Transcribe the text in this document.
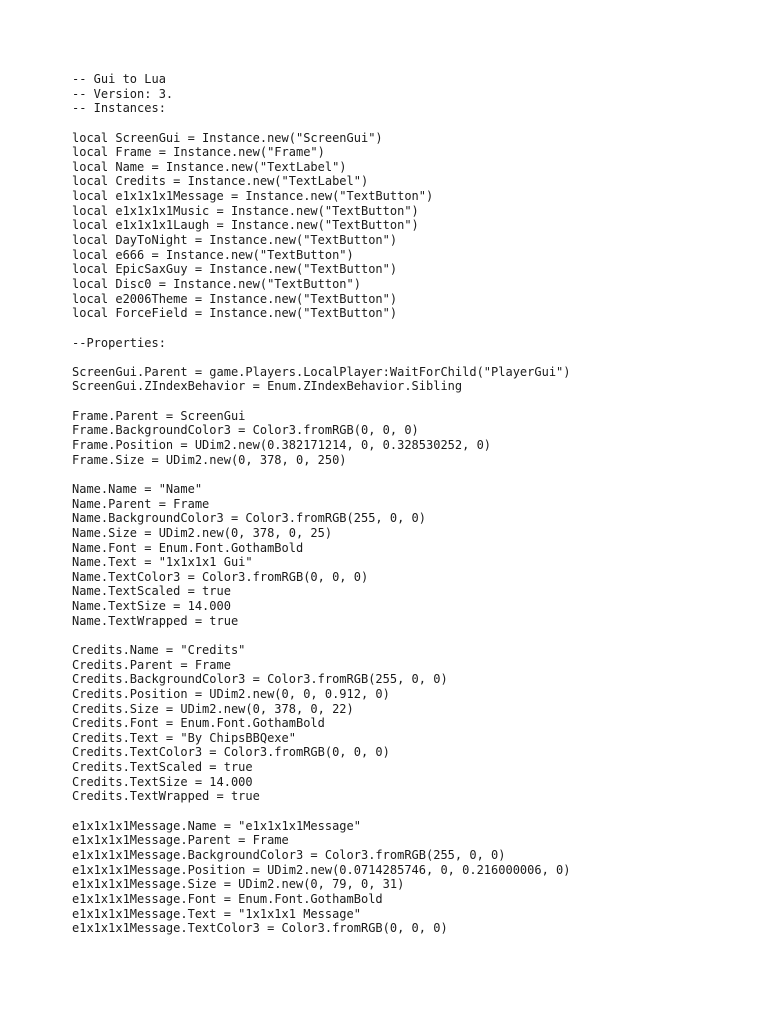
-- Gui to Lua
-- Version: 3.
-- Instances:
local ScreenGui = Instance.new("ScreenGui")
local Frame = Instance.new("Frame")
local Name = Instance.new("TextLabel")
local Credits = Instance.new("TextLabel")
local e1x1x1x1Message = Instance.new("TextButton")
local e1x1x1x1Music = Instance.new("TextButton")
local e1x1x1x1Laugh = Instance.new("TextButton")
local DayToNight = Instance.new("TextButton")
local e666 = Instance.new("TextButton")
local EpicSaxGuy = Instance.new("TextButton")
local Disc0 = Instance.new("TextButton")
local e2006Theme = Instance.new("TextButton")
local ForceField = Instance.new("TextButton")
--Properties:
ScreenGui.Parent = game.Players.LocalPlayer:WaitForChild("PlayerGui")
ScreenGui.ZIndexBehavior = Enum.ZIndexBehavior.Sibling
Frame.Parent = ScreenGui
Frame.BackgroundColor3 = Color3.fromRGB(0, 0, 0)
Frame.Position = UDim2.new(0.382171214, 0, 0.328530252, 0)
Frame.Size = UDim2.new(0, 378, 0, 250)
Name.Name = "Name"
Name.Parent = Frame
Name.BackgroundColor3 = Color3.fromRGB(255, 0, 0)
Name.Size = UDim2.new(0, 378, 0, 25)
Name.Font = Enum.Font.GothamBold
Name.Text = "1x1x1x1 Gui"
Name.TextColor3 = Color3.fromRGB(0, 0, 0)
Name.TextScaled = true
Name.TextSize = 14.000
Name.TextWrapped = true
Credits.Name = "Credits"
Credits.Parent = Frame
Credits.BackgroundColor3 = Color3.fromRGB(255, 0, 0)
Credits.Position = UDim2.new(0, 0, 0.912, 0)
Credits.Size = UDim2.new(0, 378, 0, 22)
Credits.Font = Enum.Font.GothamBold
Credits.Text = "By ChipsBBQexe"
Credits.TextColor3 = Color3.fromRGB(0, 0, 0)
Credits.TextScaled = true
Credits.TextSize = 14.000
Credits.TextWrapped = true
e1x1x1x1Message.Name = "e1x1x1x1Message"
e1x1x1x1Message.Parent = Frame
e1x1x1x1Message.BackgroundColor3 = Color3.fromRGB(255, 0, 0)
e1x1x1x1Message.Position = UDim2.new(0.0714285746, 0, 0.216000006, 0)
e1x1x1x1Message.Size = UDim2.new(0, 79, 0, 31)
e1x1x1x1Message.Font = Enum.Font.GothamBold
e1x1x1x1Message.Text = "1x1x1x1 Message"
e1x1x1x1Message.TextColor3 = Color3.fromRGB(0, 0, 0)
